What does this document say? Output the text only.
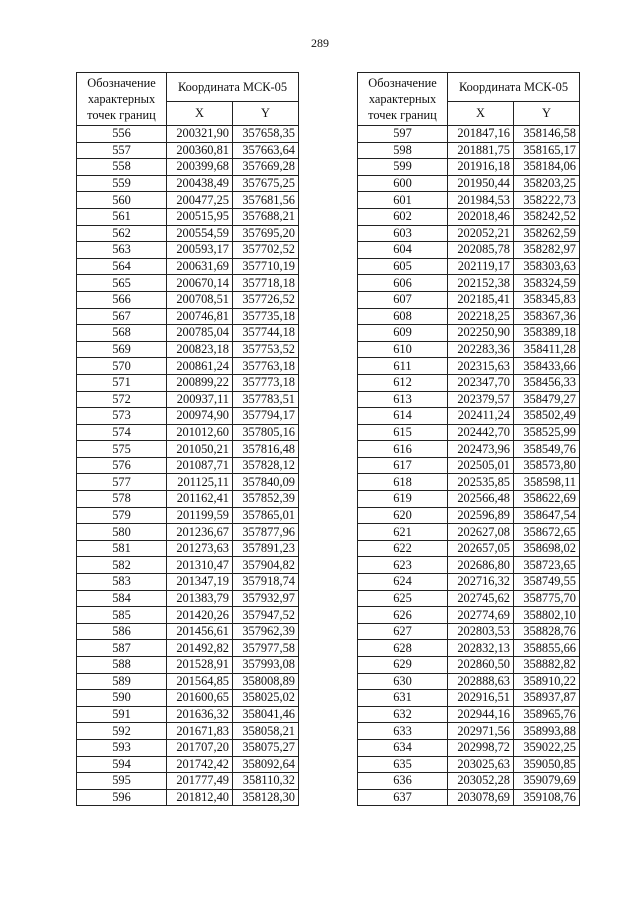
289
Обозначение характерных точек границ	Координата МСК-05	
	X	Y
556	200321,90	357658,35
557	200360,81	357663,64
558	200399,68	357669,28
559	200438,49	357675,25
560	200477,25	357681,56
561	200515,95	357688,21
562	200554,59	357695,20
563	200593,17	357702,52
564	200631,69	357710,19
565	200670,14	357718,18
566	200708,51	357726,52
567	200746,81	357735,18
568	200785,04	357744,18
569	200823,18	357753,52
570	200861,24	357763,18
571	200899,22	357773,18
572	200937,11	357783,51
573	200974,90	357794,17
574	201012,60	357805,16
575	201050,21	357816,48
576	201087,71	357828,12
577	201125,11	357840,09
578	201162,41	357852,39
579	201199,59	357865,01
580	201236,67	357877,96
581	201273,63	357891,23
582	201310,47	357904,82
583	201347,19	357918,74
584	201383,79	357932,97
585	201420,26	357947,52
586	201456,61	357962,39
587	201492,82	357977,58
588	201528,91	357993,08
589	201564,85	358008,89
590	201600,65	358025,02
591	201636,32	358041,46
592	201671,83	358058,21
593	201707,20	358075,27
594	201742,42	358092,64
595	201777,49	358110,32
596	201812,40	358128,30
Обозначение характерных точек границ	Координата МСК-05	
	X	Y
597	201847,16	358146,58
598	201881,75	358165,17
599	201916,18	358184,06
600	201950,44	358203,25
601	201984,53	358222,73
602	202018,46	358242,52
603	202052,21	358262,59
604	202085,78	358282,97
605	202119,17	358303,63
606	202152,38	358324,59
607	202185,41	358345,83
608	202218,25	358367,36
609	202250,90	358389,18
610	202283,36	358411,28
611	202315,63	358433,66
612	202347,70	358456,33
613	202379,57	358479,27
614	202411,24	358502,49
615	202442,70	358525,99
616	202473,96	358549,76
617	202505,01	358573,80
618	202535,85	358598,11
619	202566,48	358622,69
620	202596,89	358647,54
621	202627,08	358672,65
622	202657,05	358698,02
623	202686,80	358723,65
624	202716,32	358749,55
625	202745,62	358775,70
626	202774,69	358802,10
627	202803,53	358828,76
628	202832,13	358855,66
629	202860,50	358882,82
630	202888,63	358910,22
631	202916,51	358937,87
632	202944,16	358965,76
633	202971,56	358993,88
634	202998,72	359022,25
635	203025,63	359050,85
636	203052,28	359079,69
637	203078,69	359108,76
